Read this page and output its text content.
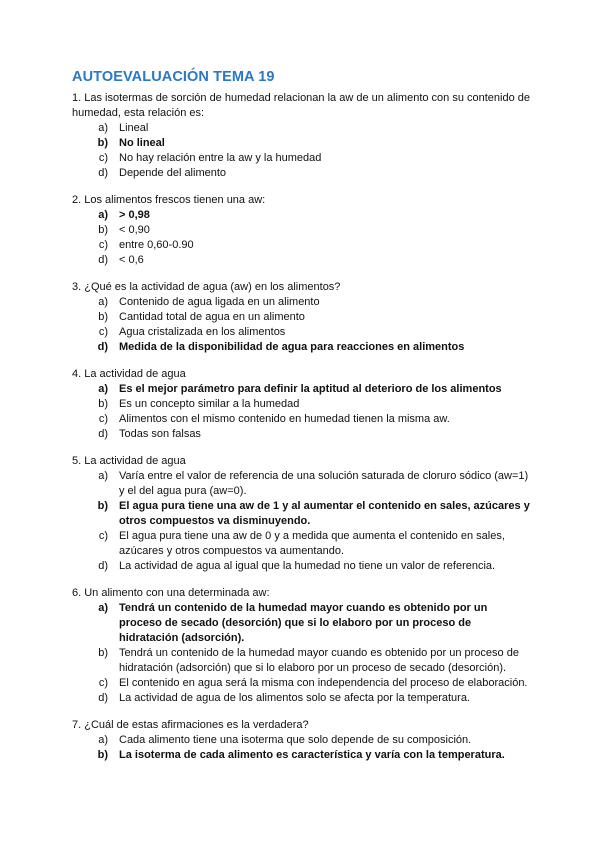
AUTOEVALUACIÓN TEMA 19
1. Las isotermas de sorción de humedad relacionan la aw de un alimento con su contenido de humedad, esta relación es:
a) Lineal
b) No lineal
c) No hay relación entre la aw y la humedad
d) Depende del alimento
2. Los alimentos frescos tienen una aw:
a) > 0,98
b) < 0,90
c) entre 0,60-0.90
d) < 0,6
3. ¿Qué es la actividad de agua (aw) en los alimentos?
a) Contenido de agua ligada en un alimento
b) Cantidad total de agua en un alimento
c) Agua cristalizada en los alimentos
d) Medida de la disponibilidad de agua para reacciones en alimentos
4. La actividad de agua
a) Es el mejor parámetro para definir la aptitud al deterioro de los alimentos
b) Es un concepto similar a la humedad
c) Alimentos con el mismo contenido en humedad tienen la misma aw.
d) Todas son falsas
5. La actividad de agua
a) Varía entre el valor de referencia de una solución saturada de cloruro sódico (aw=1) y el del agua pura (aw=0).
b) El agua pura tiene una aw de 1 y al aumentar el contenido en sales, azúcares y otros compuestos va disminuyendo.
c) El agua pura tiene una aw de 0 y a medida que aumenta el contenido en sales, azúcares y otros compuestos va aumentando.
d) La actividad de agua al igual que la humedad no tiene un valor de referencia.
6. Un alimento con una determinada aw:
a) Tendrá un contenido de la humedad mayor cuando es obtenido por un proceso de secado (desorción) que si lo elaboro por un proceso de hidratación (adsorción).
b) Tendrá un contenido de la humedad mayor cuando es obtenido por un proceso de hidratación (adsorción) que si lo elaboro por un proceso de secado (desorción).
c) El contenido en agua será la misma con independencia del proceso de elaboración.
d) La actividad de agua de los alimentos solo se afecta por la temperatura.
7. ¿Cuál de estas afirmaciones es la verdadera?
a) Cada alimento tiene una isoterma que solo depende de su composición.
b) La isoterma de cada alimento es característica y varía con la temperatura.
